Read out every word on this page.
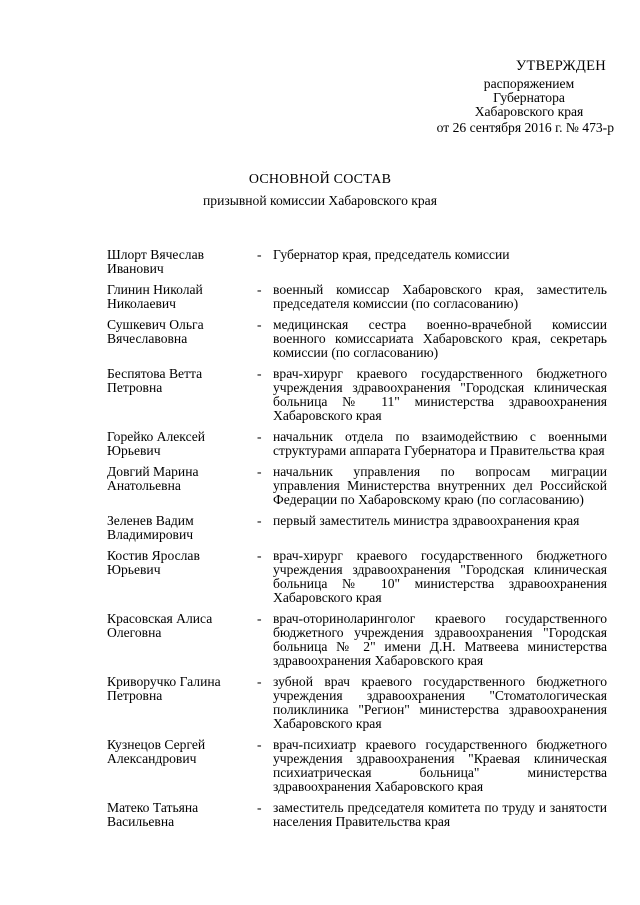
УТВЕРЖДЕН
распоряжением
Губернатора
Хабаровского края
от 26 сентября 2016 г. № 473-р
ОСНОВНОЙ СОСТАВ
призывной комиссии Хабаровского края
Шлорт Вячеслав
Иванович
- Губернатор края, председатель комиссии
Глинин Николай
Николаевич
- военный комиссар Хабаровского края, заместитель председателя комиссии (по согласованию)
Сушкевич Ольга
Вячеславовна
- медицинская сестра военно-врачебной комиссии военного комиссариата Хабаровского края, секретарь комиссии (по согласованию)
Беспятова Ветта
Петровна
- врач-хирург краевого государственного бюджетного учреждения здравоохранения "Городская клиническая больница № 11" министерства здравоохранения Хабаровского края
Горейко Алексей
Юрьевич
- начальник отдела по взаимодействию с военными структурами аппарата Губернатора и Правительства края
Довгий Марина
Анатольевна
- начальник управления по вопросам миграции управления Министерства внутренних дел Российской Федерации по Хабаровскому краю (по согласованию)
Зеленев Вадим
Владимирович
- первый заместитель министра здравоохранения края
Костив Ярослав
Юрьевич
- врач-хирург краевого государственного бюджетного учреждения здравоохранения "Городская клиническая больница № 10" министерства здравоохранения Хабаровского края
Красовская Алиса
Олеговна
- врач-оториноларинголог краевого государственного бюджетного учреждения здравоохранения "Городская больница № 2" имени Д.Н. Матвеева министерства здравоохранения Хабаровского края
Криворучко Галина
Петровна
- зубной врач краевого государственного бюджетного учреждения здравоохранения "Стоматологическая поликлиника "Регион" министерства здравоохранения Хабаровского края
Кузнецов Сергей
Александрович
- врач-психиатр краевого государственного бюджетного учреждения здравоохранения "Краевая клиническая психиатрическая больница" министерства здравоохранения Хабаровского края
Матеко Татьяна
Васильевна
- заместитель председателя комитета по труду и занятости населения Правительства края
